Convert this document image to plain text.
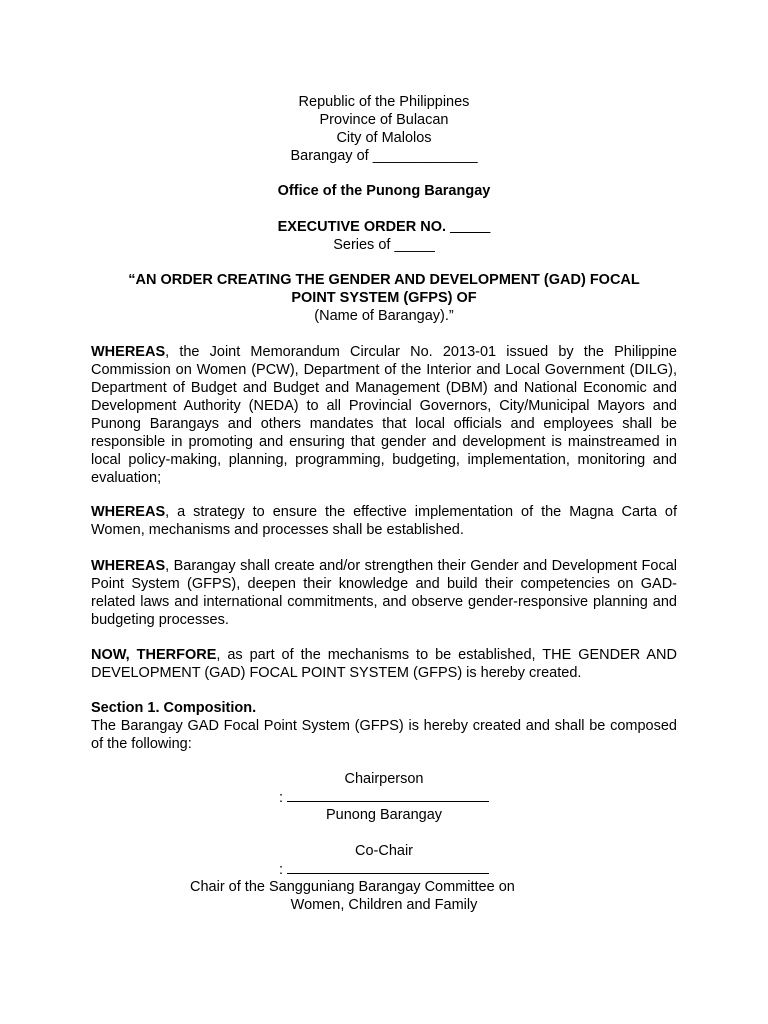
Republic of the Philippines
Province of Bulacan
City of Malolos
Barangay of _____________
Office of the Punong Barangay
EXECUTIVE ORDER NO. _____
Series of _____
“AN ORDER CREATING THE GENDER AND DEVELOPMENT (GAD) FOCAL
POINT SYSTEM (GFPS) OF
(Name of Barangay).”
WHEREAS, the Joint Memorandum Circular No. 2013-01 issued by the Philippine Commission on Women (PCW), Department of the Interior and Local Government (DILG), Department of Budget and Budget and Management (DBM) and National Economic and Development Authority (NEDA) to all Provincial Governors, City/Municipal Mayors and Punong Barangays and others mandates that local officials and employees shall be responsible in promoting and ensuring that gender and development is mainstreamed in local policy-making, planning, programming, budgeting, implementation, monitoring and evaluation;
WHEREAS, a strategy to ensure the effective implementation of the Magna Carta of Women, mechanisms and processes shall be established.
WHEREAS, Barangay shall create and/or strengthen their Gender and Development Focal Point System (GFPS), deepen their knowledge and build their competencies on GAD-related laws and international commitments, and observe gender-responsive planning and budgeting processes.
NOW, THERFORE, as part of the mechanisms to be established, THE GENDER AND DEVELOPMENT (GAD) FOCAL POINT SYSTEM (GFPS) is hereby created.
Section 1. Composition.
The Barangay GAD Focal Point System (GFPS) is hereby created and shall be composed of the following:
Chairperson
:
Punong Barangay
Co-Chair
:
Chair of the Sangguniang Barangay Committee on
Women, Children and Family
